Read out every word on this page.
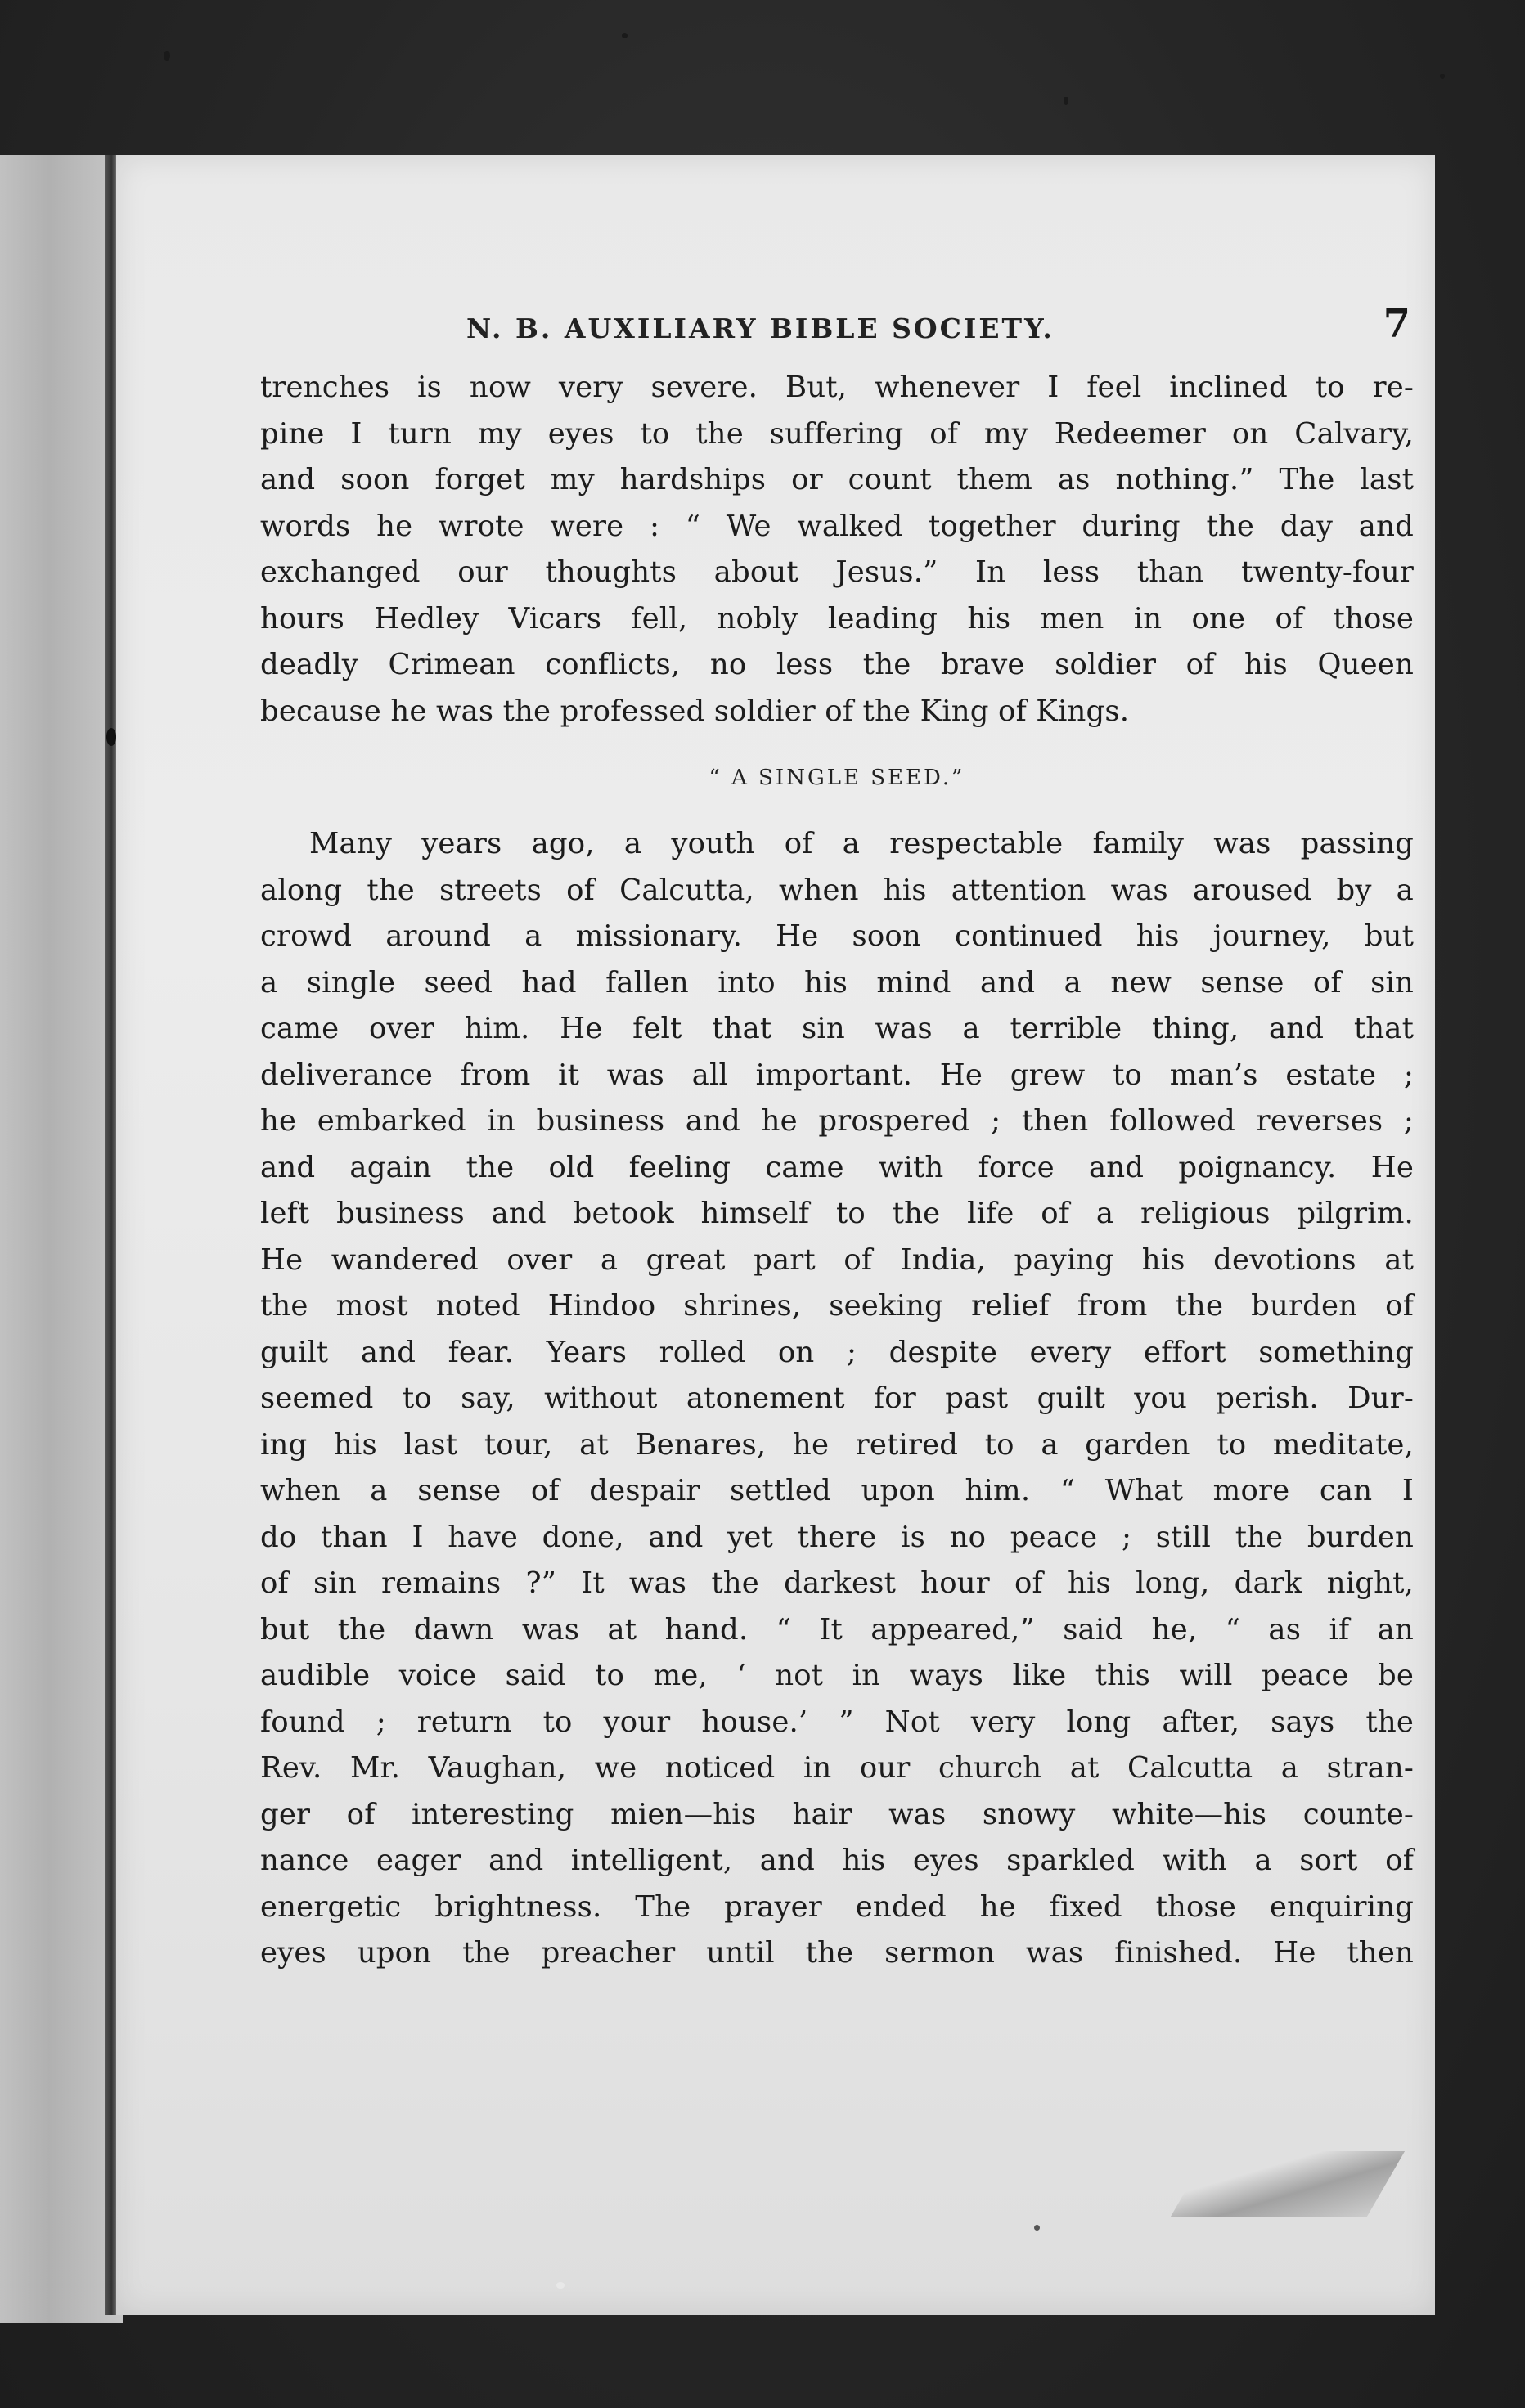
N. B. AUXILIARY BIBLE SOCIETY.	7
trenches is now very severe. But, whenever I feel inclined to re-
pine I turn my eyes to the suffering of my Redeemer on Calvary,
and soon forget my hardships or count them as nothing.” The last
words he wrote were : “ We walked together during the day and
exchanged our thoughts about Jesus.” In less than twenty-four
hours Hedley Vicars fell, nobly leading his men in one of those
deadly Crimean conflicts, no less the brave soldier of his Queen
because he was the professed soldier of the King of Kings.
“ A SINGLE SEED.”
Many years ago, a youth of a respectable family was passing
along the streets of Calcutta, when his attention was aroused by a
crowd around a missionary. He soon continued his journey, but
a single seed had fallen into his mind and a new sense of sin
came over him. He felt that sin was a terrible thing, and that
deliverance from it was all important. He grew to man’s estate ;
he embarked in business and he prospered ; then followed reverses ;
and again the old feeling came with force and poignancy. He
left business and betook himself to the life of a religious pilgrim.
He wandered over a great part of India, paying his devotions at
the most noted Hindoo shrines, seeking relief from the burden of
guilt and fear. Years rolled on ; despite every effort something
seemed to say, without atonement for past guilt you perish. Dur-
ing his last tour, at Benares, he retired to a garden to meditate,
when a sense of despair settled upon him. “ What more can I
do than I have done, and yet there is no peace ; still the burden
of sin remains ?” It was the darkest hour of his long, dark night,
but the dawn was at hand. “ It appeared,” said he, “ as if an
audible voice said to me, ‘ not in ways like this will peace be
found ; return to your house.’ ” Not very long after, says the
Rev. Mr. Vaughan, we noticed in our church at Calcutta a stran-
ger of interesting mien—his hair was snowy white—his counte-
nance eager and intelligent, and his eyes sparkled with a sort of
energetic brightness. The prayer ended he fixed those enquiring
eyes upon the preacher until the sermon was finished. He then
